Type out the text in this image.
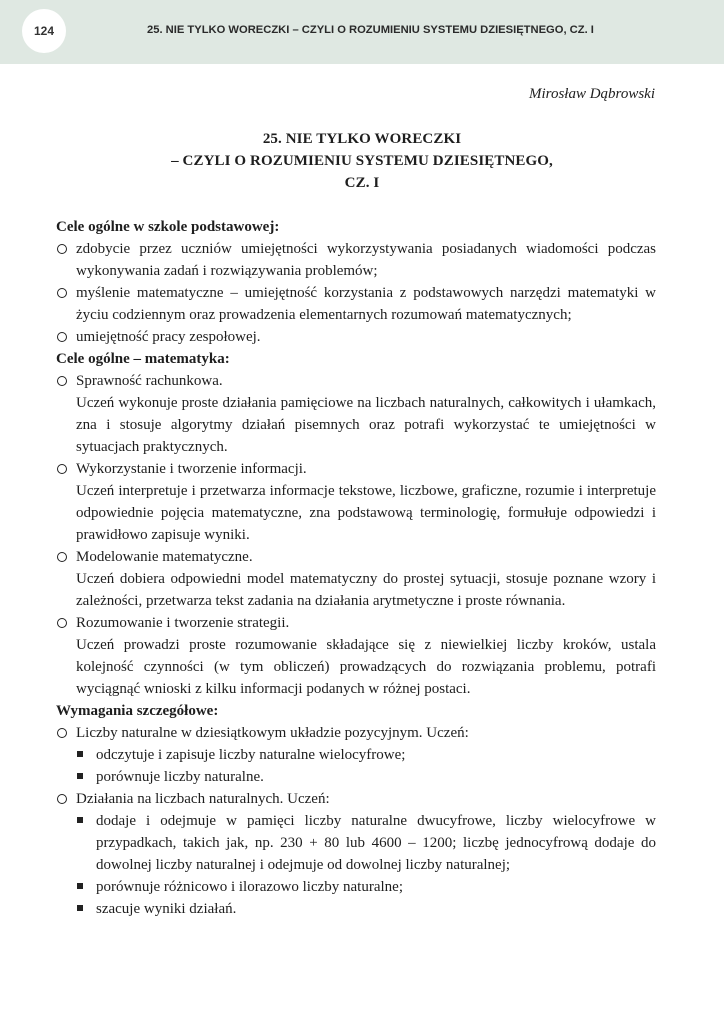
124	25. NIE TYLKO WORECZKI – CZYLI O ROZUMIENIU SYSTEMU DZIESIĘTNEGO, CZ. I
Mirosław Dąbrowski
25. NIE TYLKO WORECZKI
– CZYLI O ROZUMIENIU SYSTEMU DZIESIĘTNEGO,
CZ. I
Cele ogólne w szkole podstawowej:
zdobycie przez uczniów umiejętności wykorzystywania posiadanych wiadomości podczas wykonywania zadań i rozwiązywania problemów;
myślenie matematyczne – umiejętność korzystania z podstawowych narzędzi matematyki w życiu codziennym oraz prowadzenia elementarnych rozumowań matematycznych;
umiejętność pracy zespołowej.
Cele ogólne – matematyka:
Sprawność rachunkowa.
Uczeń wykonuje proste działania pamięciowe na liczbach naturalnych, całkowitych i ułamkach, zna i stosuje algorytmy działań pisemnych oraz potrafi wykorzystać te umiejętności w sytuacjach praktycznych.
Wykorzystanie i tworzenie informacji.
Uczeń interpretuje i przetwarza informacje tekstowe, liczbowe, graficzne, rozumie i interpretuje odpowiednie pojęcia matematyczne, zna podstawową terminologię, formułuje odpowiedzi i prawidłowo zapisuje wyniki.
Modelowanie matematyczne.
Uczeń dobiera odpowiedni model matematyczny do prostej sytuacji, stosuje poznane wzory i zależności, przetwarza tekst zadania na działania arytmetyczne i proste równania.
Rozumowanie i tworzenie strategii.
Uczeń prowadzi proste rozumowanie składające się z niewielkiej liczby kroków, ustala kolejność czynności (w tym obliczeń) prowadzących do rozwiązania problemu, potrafi wyciągnąć wnioski z kilku informacji podanych w różnej postaci.
Wymagania szczegółowe:
Liczby naturalne w dziesiątkowym układzie pozycyjnym. Uczeń:
odczytuje i zapisuje liczby naturalne wielocyfrowe;
porównuje liczby naturalne.
Działania na liczbach naturalnych. Uczeń:
dodaje i odejmuje w pamięci liczby naturalne dwucyfrowe, liczby wielocyfrowe w przypadkach, takich jak, np. 230 + 80 lub 4600 – 1200; liczbę jednocyfrową dodaje do dowolnej liczby naturalnej i odejmuje od dowolnej liczby naturalnej;
porównuje różnicowo i ilorazowo liczby naturalne;
szacuje wyniki działań.
